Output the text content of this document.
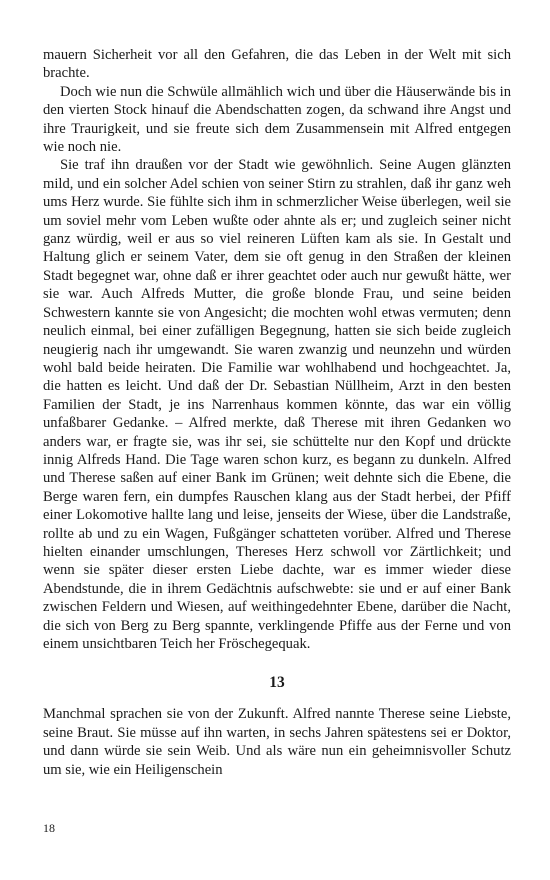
mauern Sicherheit vor all den Gefahren, die das Leben in der Welt mit sich brachte.

Doch wie nun die Schwüle allmählich wich und über die Häuserwände bis in den vierten Stock hinauf die Abendschatten zogen, da schwand ihre Angst und ihre Traurigkeit, und sie freute sich dem Zusammensein mit Alfred entgegen wie noch nie.

Sie traf ihn draußen vor der Stadt wie gewöhnlich. Seine Augen glänzten mild, und ein solcher Adel schien von seiner Stirn zu strahlen, daß ihr ganz weh ums Herz wurde. Sie fühlte sich ihm in schmerzlicher Weise überlegen, weil sie um soviel mehr vom Leben wußte oder ahnte als er; und zugleich seiner nicht ganz würdig, weil er aus so viel reineren Lüften kam als sie. In Gestalt und Haltung glich er seinem Vater, dem sie oft genug in den Straßen der kleinen Stadt begegnet war, ohne daß er ihrer geachtet oder auch nur gewußt hätte, wer sie war. Auch Alfreds Mutter, die große blonde Frau, und seine beiden Schwestern kannte sie von Angesicht; die mochten wohl etwas vermuten; denn neulich einmal, bei einer zufälligen Begegnung, hatten sie sich beide zugleich neugierig nach ihr umgewandt. Sie waren zwanzig und neunzehn und würden wohl bald beide heiraten. Die Familie war wohlhabend und hochgeachtet. Ja, die hatten es leicht. Und daß der Dr. Sebastian Nüllheim, Arzt in den besten Familien der Stadt, je ins Narrenhaus kommen könnte, das war ein völlig unfaßbarer Gedanke. – Alfred merkte, daß Therese mit ihren Gedanken wo anders war, er fragte sie, was ihr sei, sie schüttelte nur den Kopf und drückte innig Alfreds Hand. Die Tage waren schon kurz, es begann zu dunkeln. Alfred und Therese saßen auf einer Bank im Grünen; weit dehnte sich die Ebene, die Berge waren fern, ein dumpfes Rauschen klang aus der Stadt herbei, der Pfiff einer Lokomotive hallte lang und leise, jenseits der Wiese, über die Landstraße, rollte ab und zu ein Wagen, Fußgänger schatteten vorüber. Alfred und Therese hielten einander umschlungen, Thereses Herz schwoll vor Zärtlichkeit; und wenn sie später dieser ersten Liebe dachte, war es immer wieder diese Abendstunde, die in ihrem Gedächtnis aufschwebte: sie und er auf einer Bank zwischen Feldern und Wiesen, auf weithingedehnter Ebene, darüber die Nacht, die sich von Berg zu Berg spannte, verklingende Pfiffe aus der Ferne und von einem unsichtbaren Teich her Fröschegequak.

13

Manchmal sprachen sie von der Zukunft. Alfred nannte Therese seine Liebste, seine Braut. Sie müsse auf ihn warten, in sechs Jahren spätestens sei er Doktor, und dann würde sie sein Weib. Und als wäre nun ein geheimnisvoller Schutz um sie, wie ein Heiligenschein

18
